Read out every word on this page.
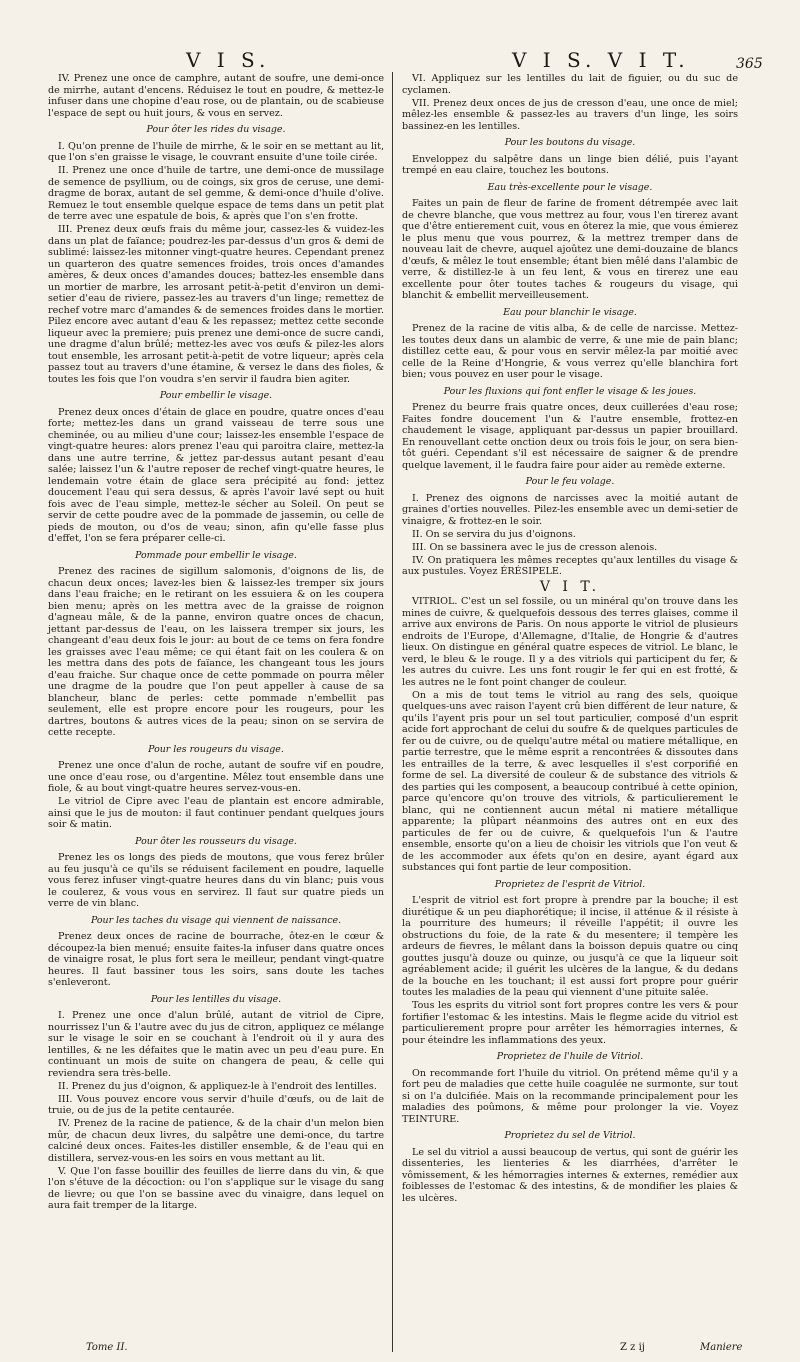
V I S.	V I S. V I T.	365

IV. Prenez une once de camphre, autant de soufre, une demi-once de mirrhe, autant d'encens. Réduisez le tout en poudre, & mettez-le infuser dans une chopine d'eau rose, ou de plantain, ou de scabieuse l'espace de sept ou huit jours, & vous en servez.

Pour ôter les rides du visage.

I. Qu'on prenne de l'huile de mirrhe, & le soir en se mettant au lit, que l'on s'en graisse le visage, le couvrant ensuite d'une toile cirée.

II. Prenez une once d'huile de tartre, une demi-once de mussilage de semence de psyllium, ou de coings, six gros de ceruse, une demi-dragme de borax, autant de sel gemme, & demi-once d'huile d'olive. Remuez le tout ensemble quelque espace de tems dans un petit plat de terre avec une espatule de bois, & après que l'on s'en frotte.

III. Prenez deux œufs frais du même jour, cassez-les & vuidez-les dans un plat de faïance; poudrez-les par-dessus d'un gros & demi de sublimé: laissez-les mitonner vingt-quatre heures. Cependant prenez un quarteron des quatre semences froides, trois onces d'amandes amères, & deux onces d'amandes douces; battez-les ensemble dans un mortier de marbre, les arrosant petit-à-petit d'environ un demi-setier d'eau de riviere, passez-les au travers d'un linge; remettez de rechef votre marc d'amandes & de semences froides dans le mortier. Pilez encore avec autant d'eau & les repassez; mettez cette seconde liqueur avec la premiere; puis prenez une demi-once de sucre candi, une dragme d'alun brûlé; mettez-les avec vos œufs & pilez-les alors tout ensemble, les arrosant petit-à-petit de votre liqueur; après cela passez tout au travers d'une étamine, & versez le dans des fioles, & toutes les fois que l'on voudra s'en servir il faudra bien agiter.

Pour embellir le visage.

Prenez deux onces d'étain de glace en poudre, quatre onces d'eau forte; mettez-les dans un grand vaisseau de terre sous une cheminée, ou au milieu d'une cour; laissez-les ensemble l'espace de vingt-quatre heures: alors prenez l'eau qui paroitra claire, mettez-la dans une autre terrine, & jettez par-dessus autant pesant d'eau salée; laissez l'un & l'autre reposer de rechef vingt-quatre heures, le lendemain votre étain de glace sera précipité au fond: jettez doucement l'eau qui sera dessus, & après l'avoir lavé sept ou huit fois avec de l'eau simple, mettez-le sécher au Soleil. On peut se servir de cette poudre avec de la pommade de jassemin, ou celle de pieds de mouton, ou d'os de veau; sinon, afin qu'elle fasse plus d'effet, l'on se fera préparer celle-ci.

Pommade pour embellir le visage.

Prenez des racines de sigillum salomonis, d'oignons de lis, de chacun deux onces; lavez-les bien & laissez-les tremper six jours dans l'eau fraiche; en le retirant on les essuiera & on les coupera bien menu; après on les mettra avec de la graisse de roignon d'agneau mâle, & de la panne, environ quatre onces de chacun, jettant par-dessus de l'eau, on les laissera tremper six jours, les changeant d'eau deux fois le jour: au bout de ce tems on fera fondre les graisses avec l'eau même; ce qui étant fait on les coulera & on les mettra dans des pots de faïance, les changeant tous les jours d'eau fraiche. Sur chaque once de cette pommade on pourra mêler une dragme de la poudre que l'on peut appeller à cause de sa blancheur, blanc de perles: cette pommade n'embellit pas seulement, elle est propre encore pour les rougeurs, pour les dartres, boutons & autres vices de la peau; sinon on se servira de cette recepte.

Pour les rougeurs du visage.

Prenez une once d'alun de roche, autant de soufre vif en poudre, une once d'eau rose, ou d'argentine. Mêlez tout ensemble dans une fiole, & au bout vingt-quatre heures servez-vous-en.

Le vitriol de Cipre avec l'eau de plantain est encore admirable, ainsi que le jus de mouton: il faut continuer pendant quelques jours soir & matin.

Pour ôter les rousseurs du visage.

Prenez les os longs des pieds de moutons, que vous ferez brûler au feu jusqu'à ce qu'ils se réduisent facilement en poudre, laquelle vous ferez infuser vingt-quatre heures dans du vin blanc; puis vous le coulerez, & vous vous en servirez. Il faut sur quatre pieds un verre de vin blanc.

Pour les taches du visage qui viennent de naissance.

Prenez deux onces de racine de bourrache, ôtez-en le cœur & découpez-la bien menué; ensuite faites-la infuser dans quatre onces de vinaigre rosat, le plus fort sera le meilleur, pendant vingt-quatre heures. Il faut bassiner tous les soirs, sans doute les taches s'enleveront.

Pour les lentilles du visage.

I. Prenez une once d'alun brûlé, autant de vitriol de Cipre, nourrissez l'un & l'autre avec du jus de citron, appliquez ce mélange sur le visage le soir en se couchant à l'endroit où il y aura des lentilles, & ne les défaites que le matin avec un peu d'eau pure. En continuant un mois de suite on changera de peau, & celle qui reviendra sera très-belle.

II. Prenez du jus d'oignon, & appliquez-le à l'endroit des lentilles.

III. Vous pouvez encore vous servir d'huile d'œufs, ou de lait de truie, ou de jus de la petite centaurée.

IV. Prenez de la racine de patience, & de la chair d'un melon bien mûr, de chacun deux livres, du salpêtre une demi-once, du tartre calciné deux onces. Faites-les distiller ensemble, & de l'eau qui en distillera, servez-vous-en les soirs en vous mettant au lit.

V. Que l'on fasse bouillir des feuilles de lierre dans du vin, & que l'on s'étuve de la décoction: ou l'on s'applique sur le visage du sang de lievre; ou que l'on se bassine avec du vinaigre, dans lequel on aura fait tremper de la litarge.

VI. Appliquez sur les lentilles du lait de figuier, ou du suc de cyclamen.

VII. Prenez deux onces de jus de cresson d'eau, une once de miel; mêlez-les ensemble & passez-les au travers d'un linge, les soirs bassinez-en les lentilles.

Pour les boutons du visage.

Enveloppez du salpêtre dans un linge bien délié, puis l'ayant trempé en eau claire, touchez les boutons.

Eau très-excellente pour le visage.

Faites un pain de fleur de farine de froment détrempée avec lait de chevre blanche, que vous mettrez au four, vous l'en tirerez avant que d'être entierement cuit, vous en ôterez la mie, que vous émierez le plus menu que vous pourrez, & la mettrez tremper dans de nouveau lait de chevre, auquel ajoûtez une demi-douzaine de blancs d'œufs, & mêlez le tout ensemble; étant bien mêlé dans l'alambic de verre, & distillez-le à un feu lent, & vous en tirerez une eau excellente pour ôter toutes taches & rougeurs du visage, qui blanchit & embellit merveilleusement.

Eau pour blanchir le visage.

Prenez de la racine de vitis alba, & de celle de narcisse. Mettez-les toutes deux dans un alambic de verre, & une mie de pain blanc; distillez cette eau, & pour vous en servir mêlez-la par moitié avec celle de la Reine d'Hongrie, & vous verrez qu'elle blanchira fort bien; vous pouvez en user pour le visage.

Pour les fluxions qui font enfler le visage & les joues.

Prenez du beurre frais quatre onces, deux cuillerées d'eau rose; Faites fondre doucement l'un & l'autre ensemble, frottez-en chaudement le visage, appliquant par-dessus un papier brouillard. En renouvellant cette onction deux ou trois fois le jour, on sera bien-tôt guéri. Cependant s'il est nécessaire de saigner & de prendre quelque lavement, il le faudra faire pour aider au remède externe.

Pour le feu volage.

I. Prenez des oignons de narcisses avec la moitié autant de graines d'orties nouvelles. Pilez-les ensemble avec un demi-setier de vinaigre, & frottez-en le soir.

II. On se servira du jus d'oignons.

III. On se bassinera avec le jus de cresson alenois.

IV. On pratiquera les mêmes receptes qu'aux lentilles du visage & aux pustules. Voyez ÉRÉSIPELE.

V I T.

VITRIOL. C'est un sel fossile, ou un minéral qu'on trouve dans les mines de cuivre, & quelquefois dessous des terres glaises, comme il arrive aux environs de Paris. On nous apporte le vitriol de plusieurs endroits de l'Europe, d'Allemagne, d'Italie, de Hongrie & d'autres lieux. On distingue en général quatre especes de vitriol. Le blanc, le verd, le bleu & le rouge. Il y a des vitriols qui participent du fer, & les autres du cuivre. Les uns font rougir le fer qui en est frotté, & les autres ne le font point changer de couleur.

On a mis de tout tems le vitriol au rang des sels, quoique quelques-uns avec raison l'ayent crû bien différent de leur nature, & qu'ils l'ayent pris pour un sel tout particulier, composé d'un esprit acide fort approchant de celui du soufre & de quelques particules de fer ou de cuivre, ou de quelqu'autre métal ou matiere métallique, en partie terrestre, que le même esprit a rencontrées & dissoutes dans les entrailles de la terre, & avec lesquelles il s'est corporifié en forme de sel. La diversité de couleur & de substance des vitriols & des parties qui les composent, a beaucoup contribué à cette opinion, parce qu'encore qu'on trouve des vitriols, & particulierement le blanc, qui ne contiennent aucun métal ni matiere métallique apparente; la plûpart néanmoins des autres ont en eux des particules de fer ou de cuivre, & quelquefois l'un & l'autre ensemble, ensorte qu'on a lieu de choisir les vitriols que l'on veut & de les accommoder aux éfets qu'on en desire, ayant égard aux substances qui font partie de leur composition.

Proprietez de l'esprit de Vitriol.

L'esprit de vitriol est fort propre à prendre par la bouche; il est diurétique & un peu diaphorétique; il incise, il atténue & il résiste à la pourriture des humeurs; il réveille l'appétit; il ouvre les obstructions du foie, de la rate & du mesentere; il tempère les ardeurs de fievres, le mêlant dans la boisson depuis quatre ou cinq gouttes jusqu'à douze ou quinze, ou jusqu'à ce que la liqueur soit agréablement acide; il guérit les ulcères de la langue, & du dedans de la bouche en les touchant; il est aussi fort propre pour guérir toutes les maladies de la peau qui viennent d'une pituite salée.

Tous les esprits du vitriol sont fort propres contre les vers & pour fortifier l'estomac & les intestins. Mais le flegme acide du vitriol est particulierement propre pour arrêter les hémorragies internes, & pour éteindre les inflammations des yeux.

Proprietez de l'huile de Vitriol.

On recommande fort l'huile du vitriol. On prétend même qu'il y a fort peu de maladies que cette huile coagulée ne surmonte, sur tout si on l'a dulcifiée. Mais on la recommande principalement pour les maladies des poûmons, & même pour prolonger la vie. Voyez TEINTURE.

Proprietez du sel de Vitriol.

Le sel du vitriol a aussi beaucoup de vertus, qui sont de guérir les dissenteries, les lienteries & les diarrhées, d'arrêter le vômissement, & les hémorragies internes & externes, remédier aux foiblesses de l'estomac & des intestins, & de mondifier les plaies & les ulcères.

Tome II.	Z z ij	Maniere
